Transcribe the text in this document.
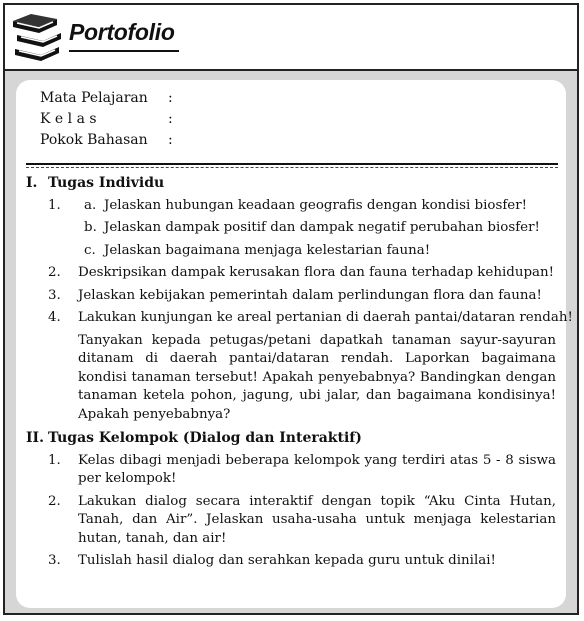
Portofolio
Mata Pelajaran :
K e l a s	:
Pokok Bahasan :
I. Tugas Individu
1. a. Jelaskan hubungan keadaan geografis dengan kondisi biosfer!
b. Jelaskan dampak positif dan dampak negatif perubahan biosfer!
c. Jelaskan bagaimana menjaga kelestarian fauna!
2. Deskripsikan dampak kerusakan flora dan fauna terhadap kehidupan!
3. Jelaskan kebijakan pemerintah dalam perlindungan flora dan fauna!
4. Lakukan kunjungan ke areal pertanian di daerah pantai/dataran rendah!
Tanyakan kepada petugas/petani dapatkah tanaman sayur-sayuran ditanam di daerah pantai/dataran rendah. Laporkan bagaimana kondisi tanaman tersebut! Apakah penyebabnya? Bandingkan dengan tanaman ketela pohon, jagung, ubi jalar, dan bagaimana kondisinya! Apakah penyebabnya?
II. Tugas Kelompok (Dialog dan Interaktif)
1. Kelas dibagi menjadi beberapa kelompok yang terdiri atas 5 - 8 siswa per kelompok!
2. Lakukan dialog secara interaktif dengan topik “Aku Cinta Hutan, Tanah, dan Air”. Jelaskan usaha-usaha untuk menjaga kelestarian hutan, tanah, dan air!
3. Tulislah hasil dialog dan serahkan kepada guru untuk dinilai!
